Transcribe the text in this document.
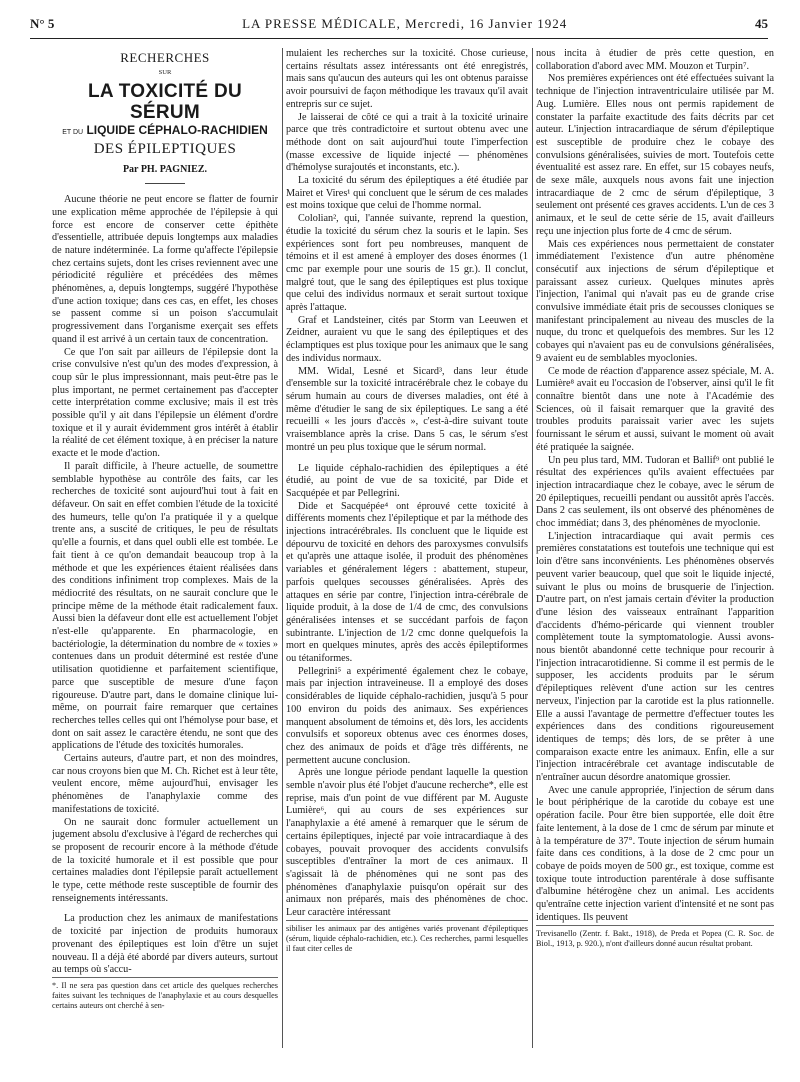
N° 5	LA PRESSE MÉDICALE, Mercredi, 16 Janvier 1924	45
RECHERCHES
SUR
LA TOXICITÉ DU SÉRUM
ET DU LIQUIDE CÉPHALO-RACHIDIEN
DES ÉPILEPTIQUES
Par PH. PAGNIEZ.

Aucune théorie ne peut encore se flatter de fournir une explication même approchée de l'épilepsie à qui force est encore de conserver cette épithète d'essentielle, attribuée depuis longtemps aux maladies de nature indéterminée. La forme qu'affecte l'épilepsie chez certains sujets, dont les crises reviennent avec une périodicité régulière et précédées des mêmes phénomènes, a, depuis longtemps, suggéré l'hypothèse d'une action toxique; dans ces cas, en effet, les choses se passent comme si un poison s'accumulait progressivement dans l'organisme exerçait ses effets quand il est arrivé à un certain taux de concentration.

Ce que l'on sait par ailleurs de l'épilepsie dont la crise convulsive n'est qu'un des modes d'expression, à coup sûr le plus impressionnant, mais peut-être pas le plus important, ne permet certainement pas d'accepter cette interprétation comme exclusive; mais il est très possible qu'il y ait dans l'épilepsie un élément d'ordre toxique et il y aurait évidemment gros intérêt à établir la réalité de cet élément toxique, à en préciser la nature exacte et le mode d'action.

Il paraît difficile, à l'heure actuelle, de soumettre semblable hypothèse au contrôle des faits, car les recherches de toxicité sont aujourd'hui tout à fait en défaveur. On sait en effet combien l'étude de la toxicité des humeurs, telle qu'on l'a pratiquée il y a quelque trente ans, a suscité de critiques, le peu de résultats qu'elle a fournis, et dans quel oubli elle est tombée. Le fait tient à ce qu'on demandait beaucoup trop à la méthode et que les expériences étaient réalisées dans des conditions infiniment trop complexes. Mais de la médiocrité des résultats, on ne saurait conclure que le principe même de la méthode était radicalement faux. Aussi bien la défaveur dont elle est actuellement l'objet n'est-elle qu'apparente. En pharmacologie, en bactériologie, la détermination du nombre de « toxies » contenues dans un produit déterminé est restée d'une utilisation quotidienne et parfaitement scientifique, parce que susceptible de mesure d'une façon rigoureuse. D'autre part, dans le domaine clinique lui-même, on pourrait faire remarquer que certaines recherches telles celles qui ont l'hémolyse pour base, et dont on sait assez le caractère étendu, ne sont que des applications de l'étude des toxicités humorales.

Certains auteurs, d'autre part, et non des moindres, car nous croyons bien que M. Ch. Richet est à leur tête, veulent encore, même aujourd'hui, envisager les phénomènes de l'anaphylaxie comme des manifestations de toxicité.

On ne saurait donc formuler actuellement un jugement absolu d'exclusive à l'égard de recherches qui se proposent de recourir encore à la méthode d'étude de la toxicité humorale et il est possible que pour certaines maladies dont l'épilepsie paraît actuellement le type, cette méthode reste susceptible de fournir des renseignements intéressants.

La production chez les animaux de manifestations de toxicité par injection de produits humoraux provenant des épileptiques est loin d'être un sujet nouveau. Il a déjà été abordé par divers auteurs, surtout au temps où s'accu-

*. Il ne sera pas question dans cet article des quelques recherches faites suivant les techniques de l'anaphylaxie et au cours desquelles certains auteurs ont cherché à sen-

mulaient les recherches sur la toxicité. Chose curieuse, certains résultats assez intéressants ont été enregistrés, mais sans qu'aucun des auteurs qui les ont obtenus paraisse avoir poursuivi de façon méthodique les travaux qu'il avait entrepris sur ce sujet.

Je laisserai de côté ce qui a trait à la toxicité urinaire parce que très contradictoire et surtout obtenu avec une méthode dont on sait aujourd'hui toute l'imperfection (masse excessive de liquide injecté — phénomènes d'hémolyse surajoutés et inconstants, etc.).

La toxicité du sérum des épileptiques a été étudiée par Mairet et Vires¹ qui concluent que le sérum de ces malades est moins toxique que celui de l'homme normal.

Cololian², qui, l'année suivante, reprend la question, étudie la toxicité du sérum chez la souris et le lapin. Ses expériences sont fort peu nombreuses, manquent de témoins et il est amené à employer des doses énormes (1 cmc par exemple pour une souris de 15 gr.). Il conclut, malgré tout, que le sang des épileptiques est plus toxique que celui des individus normaux et serait surtout toxique après l'attaque.

Graf et Landsteiner, cités par Storm van Leeuwen et Zeidner, auraient vu que le sang des épileptiques et des éclamptiques est plus toxique pour les animaux que le sang des individus normaux.

MM. Widal, Lesné et Sicard³, dans leur étude d'ensemble sur la toxicité intracérébrale chez le cobaye du sérum humain au cours de diverses maladies, ont été à même d'étudier le sang de six épileptiques. Le sang a été recueilli « les jours d'accès », c'est-à-dire suivant toute vraisemblance après la crise. Dans 5 cas, le sérum s'est montré un peu plus toxique que le sérum normal.

Le liquide céphalo-rachidien des épileptiques a été étudié, au point de vue de sa toxicité, par Dide et Sacquépée et par Pellegrini.

Dide et Sacquépée⁴ ont éprouvé cette toxicité à différents moments chez l'épileptique et par la méthode des injections intracérébrales. Ils concluent que le liquide est dépourvu de toxicité en dehors des paroxysmes convulsifs et qu'après une attaque isolée, il produit des phénomènes variables et généralement légers : abattement, stupeur, parfois quelques secousses généralisées. Après des attaques en série par contre, l'injection intra-cérébrale de liquide produit, à la dose de 1/4 de cmc, des convulsions généralisées intenses et se succédant parfois de façon subintrante. L'injection de 1/2 cmc donne quelquefois la mort en quelques minutes, après des accès épileptiformes ou tétaniformes.

Pellegrini⁵ a expérimenté également chez le cobaye, mais par injection intraveineuse. Il a employé des doses considérables de liquide céphalo-rachidien, jusqu'à 5 pour 100 environ du poids des animaux. Ses expériences manquent absolument de témoins et, dès lors, les accidents convulsifs et soporeux obtenus avec ces énormes doses, chez des animaux de poids et d'âge très différents, ne permettent aucune conclusion.

Après une longue période pendant laquelle la question semble n'avoir plus été l'objet d'aucune recherche*, elle est reprise, mais d'un point de vue différent par M. Auguste Lumière⁶, qui au cours de ses expériences sur l'anaphylaxie a été amené à remarquer que le sérum de certains épileptiques, injecté par voie intracardiaque à des cobayes, pouvait provoquer des accidents convulsifs susceptibles d'entraîner la mort de ces animaux. Il s'agissait là de phénomènes qui ne sont pas des phénomènes d'anaphylaxie puisqu'on opérait sur des animaux non préparés, mais des phénomènes de choc. Leur caractère intéressant

sibiliser les animaux par des antigènes variés provenant d'épileptiques (sérum, liquide céphalo-rachidien, etc.). Ces recherches, parmi lesquelles il faut citer celles de

nous incita à étudier de près cette question, en collaboration d'abord avec MM. Mouzon et Turpin⁷.

Nos premières expériences ont été effectuées suivant la technique de l'injection intraventriculaire utilisée par M. Aug. Lumière. Elles nous ont permis rapidement de constater la parfaite exactitude des faits décrits par cet auteur. L'injection intracardiaque de sérum d'épileptique est susceptible de produire chez le cobaye des convulsions généralisées, suivies de mort. Toutefois cette éventualité est assez rare. En effet, sur 15 cobayes neufs, de sexe mâle, auxquels nous avons fait une injection intracardiaque de 2 cmc de sérum d'épileptique, 3 seulement ont présenté ces graves accidents. L'un de ces 3 animaux, et le seul de cette série de 15, avait d'ailleurs reçu une injection plus forte de 4 cmc de sérum.

Mais ces expériences nous permettaient de constater immédiatement l'existence d'un autre phénomène consécutif aux injections de sérum d'épileptique et paraissant assez curieux. Quelques minutes après l'injection, l'animal qui n'avait pas eu de grande crise convulsive immédiate était pris de secousses cloniques se manifestant principalement au niveau des muscles de la nuque, du tronc et quelquefois des membres. Sur les 12 cobayes qui n'avaient pas eu de convulsions généralisées, 9 avaient eu de semblables myoclonies.

Ce mode de réaction d'apparence assez spéciale, M. A. Lumière⁸ avait eu l'occasion de l'observer, ainsi qu'il le fit connaître bientôt dans une note à l'Académie des Sciences, où il faisait remarquer que la gravité des troubles produits paraissait varier avec les sujets fournissant le sérum et aussi, suivant le moment où avait été pratiquée la saignée.

Un peu plus tard, MM. Tudoran et Ballif⁹ ont publié le résultat des expériences qu'ils avaient effectuées par injection intracardiaque chez le cobaye, avec le sérum de 20 épileptiques, recueilli pendant ou aussitôt après l'accès. Dans 2 cas seulement, ils ont observé des phénomènes de choc immédiat; dans 3, des phénomènes de myoclonie.

L'injection intracardiaque qui avait permis ces premières constatations est toutefois une technique qui est loin d'être sans inconvénients. Les phénomènes observés peuvent varier beaucoup, quel que soit le liquide injecté, suivant le plus ou moins de brusquerie de l'injection. D'autre part, on n'est jamais certain d'éviter la production d'une lésion des vaisseaux entraînant l'apparition d'accidents d'hémo-péricarde qui viennent troubler complètement toute la symptomatologie. Aussi avons-nous bientôt abandonné cette technique pour recourir à l'injection intracarotidienne. Si comme il est permis de le supposer, les accidents produits par le sérum d'épileptiques relèvent d'une action sur les centres nerveux, l'injection par la carotide est la plus rationnelle. Elle a aussi l'avantage de permettre d'effectuer toutes les expériences dans des conditions rigoureusement identiques de temps; dès lors, de se prêter à une comparaison exacte entre les animaux. Enfin, elle a sur l'injection intracérébrale cet avantage indiscutable de n'entraîner aucun désordre anatomique grossier.

Avec une canule appropriée, l'injection de sérum dans le bout périphérique de la carotide du cobaye est une opération facile. Pour être bien supportée, elle doit être faite lentement, à la dose de 1 cmc de sérum par minute et à la température de 37°. Toute injection de sérum humain faite dans ces conditions, à la dose de 2 cmc pour un cobaye de poids moyen de 500 gr., est toxique, comme est toxique toute introduction parentérale à dose suffisante d'albumine hétérogène chez un animal. Les accidents qu'entraîne cette injection varient d'intensité et ne sont pas identiques. Ils peuvent

Trevisanello (Zentr. f. Bakt., 1918), de Preda et Popea (C. R. Soc. de Biol., 1913, p. 920.), n'ont d'ailleurs donné aucun résultat probant.
